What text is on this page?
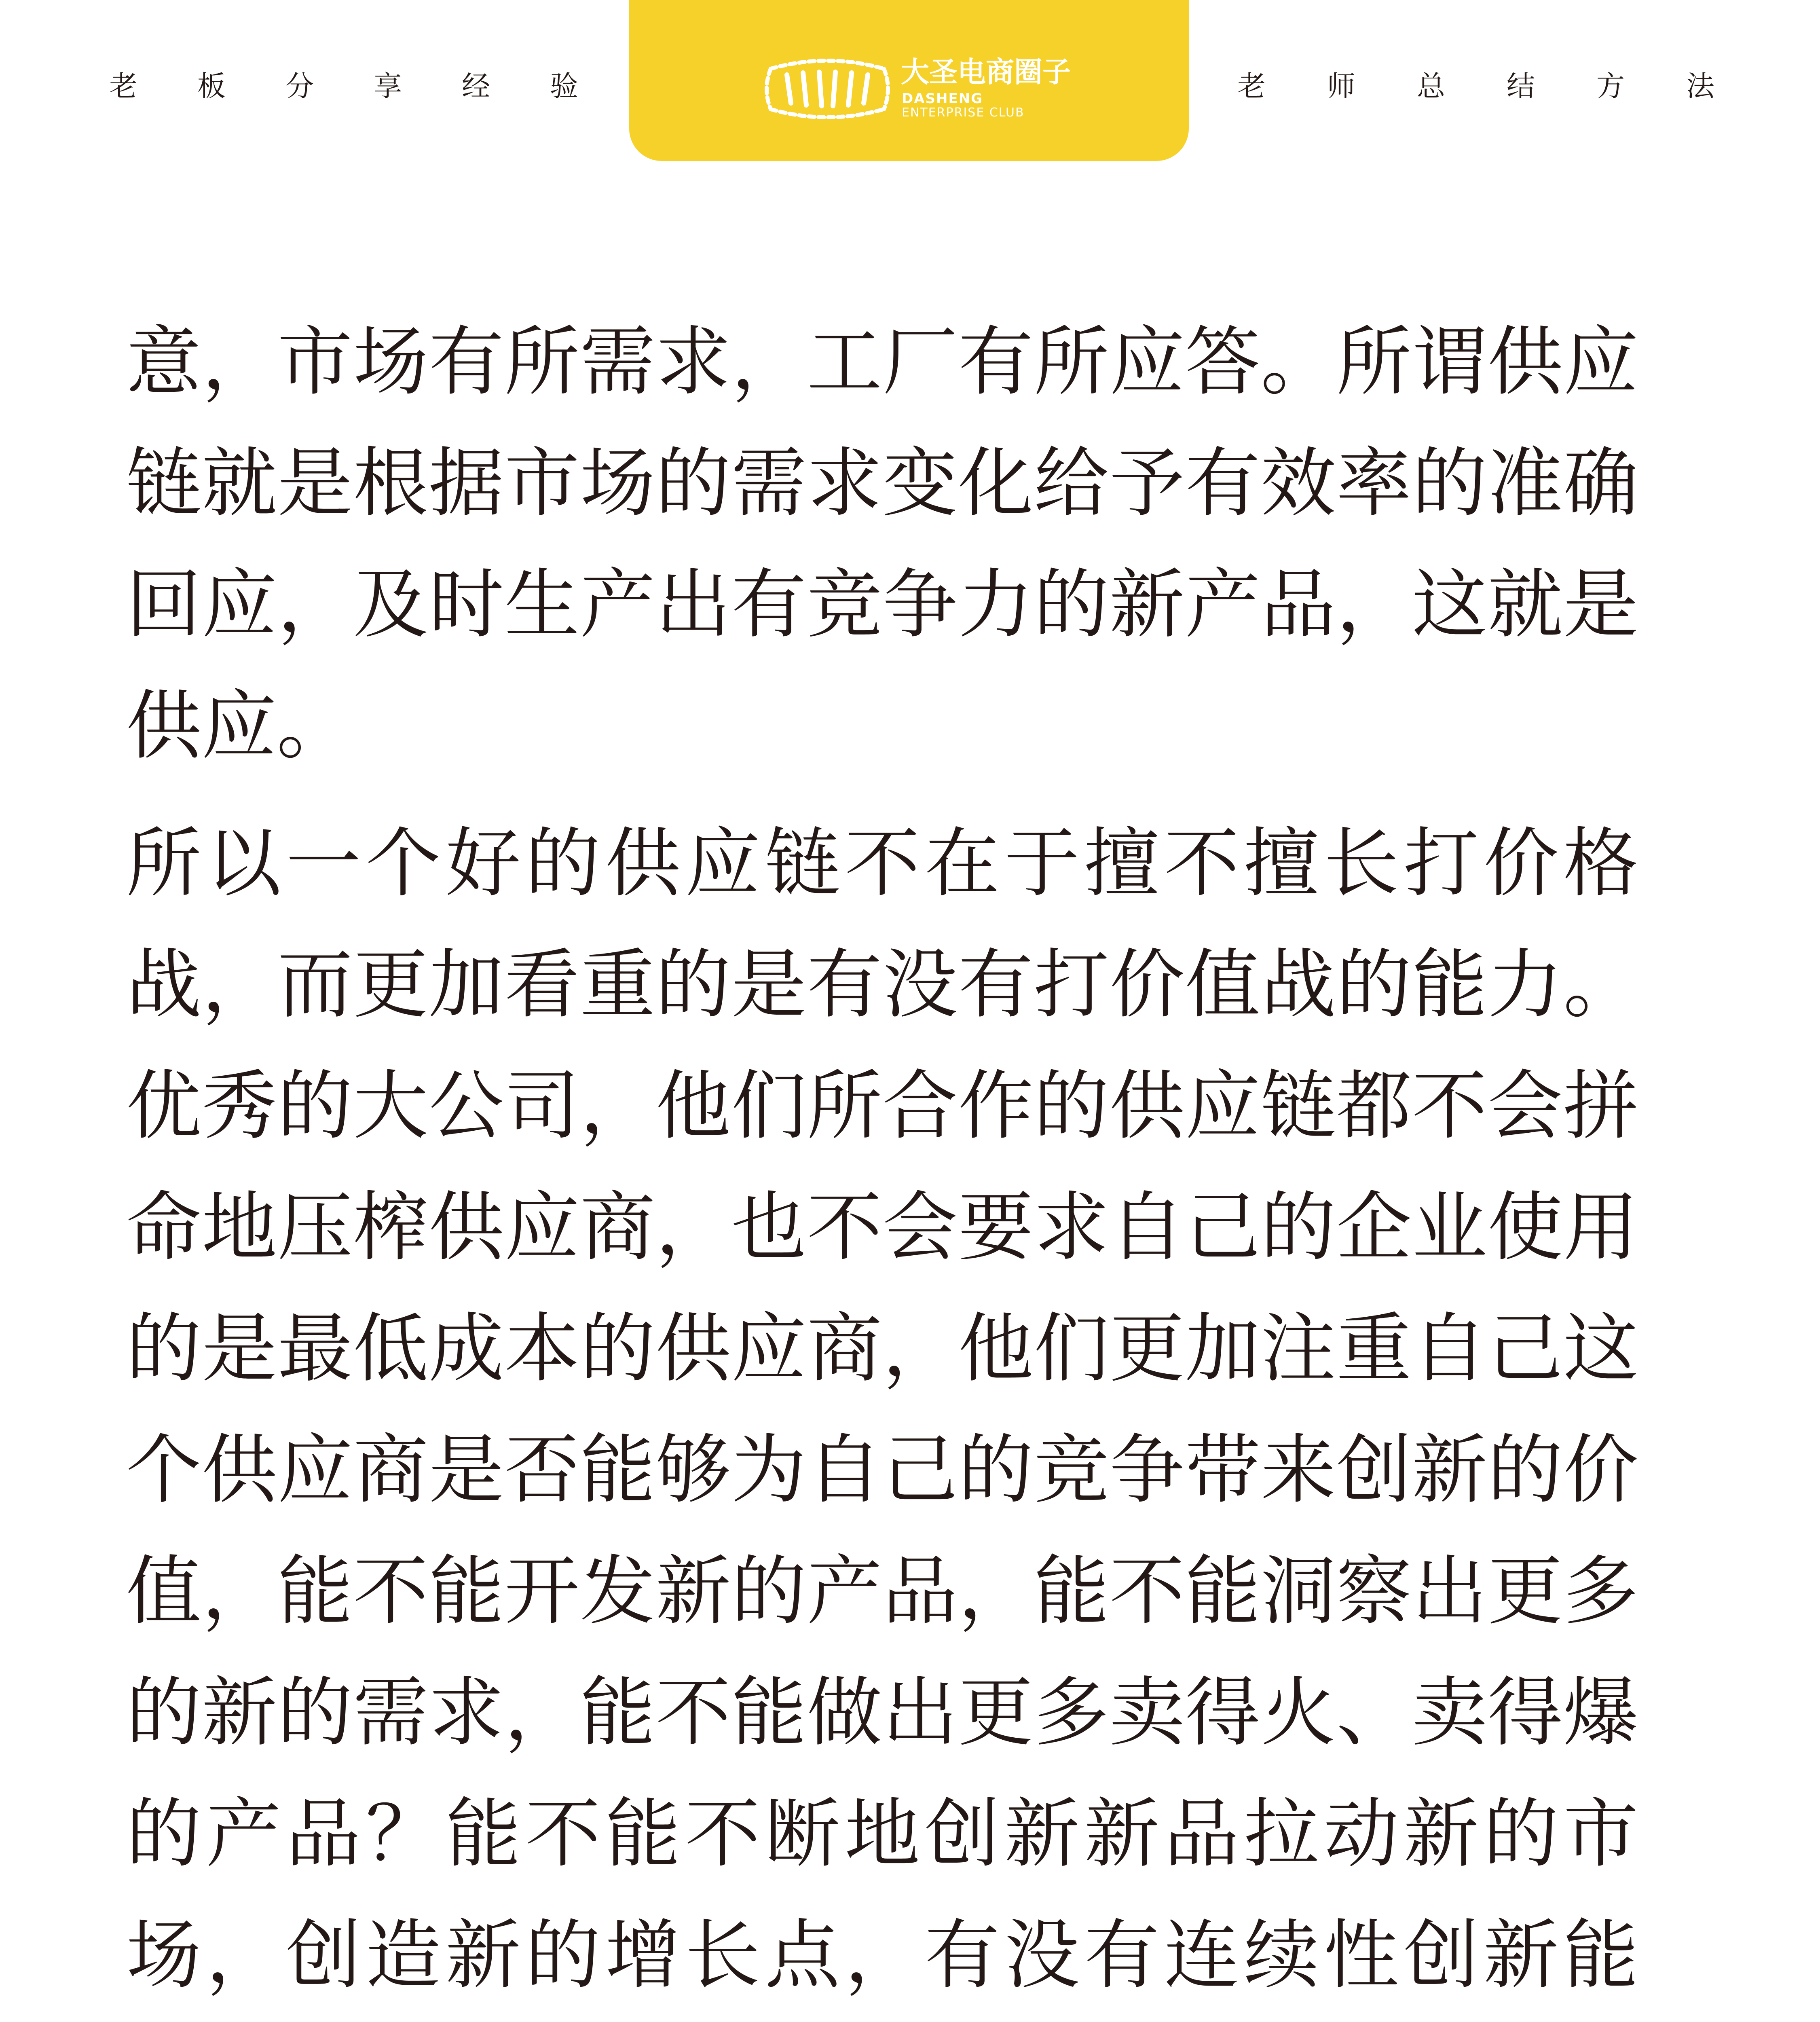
老 板 分 享 经 验	大圣电商圈子
DASHENG
ENTERPRISE CLUB
老 师 总 结 方 法

意，市场有所需求，工厂有所应答。所谓供应链就是根据市场的需求变化给予有效率的准确回应，及时生产出有竞争力的新产品，这就是供应。

所以一个好的供应链不在于擅不擅长打价格战，而更加看重的是有没有打价值战的能力。优秀的大公司，他们所合作的供应链都不会拼命地压榨供应商，也不会要求自己的企业使用的是最低成本的供应商，他们更加注重自己这个供应商是否能够为自己的竞争带来创新的价值，能不能开发新的产品，能不能洞察出更多的新的需求，能不能做出更多卖得火、卖得爆的产品？能不能不断地创新新品拉动新的市场，创造新的增长点，有没有连续性创新能
